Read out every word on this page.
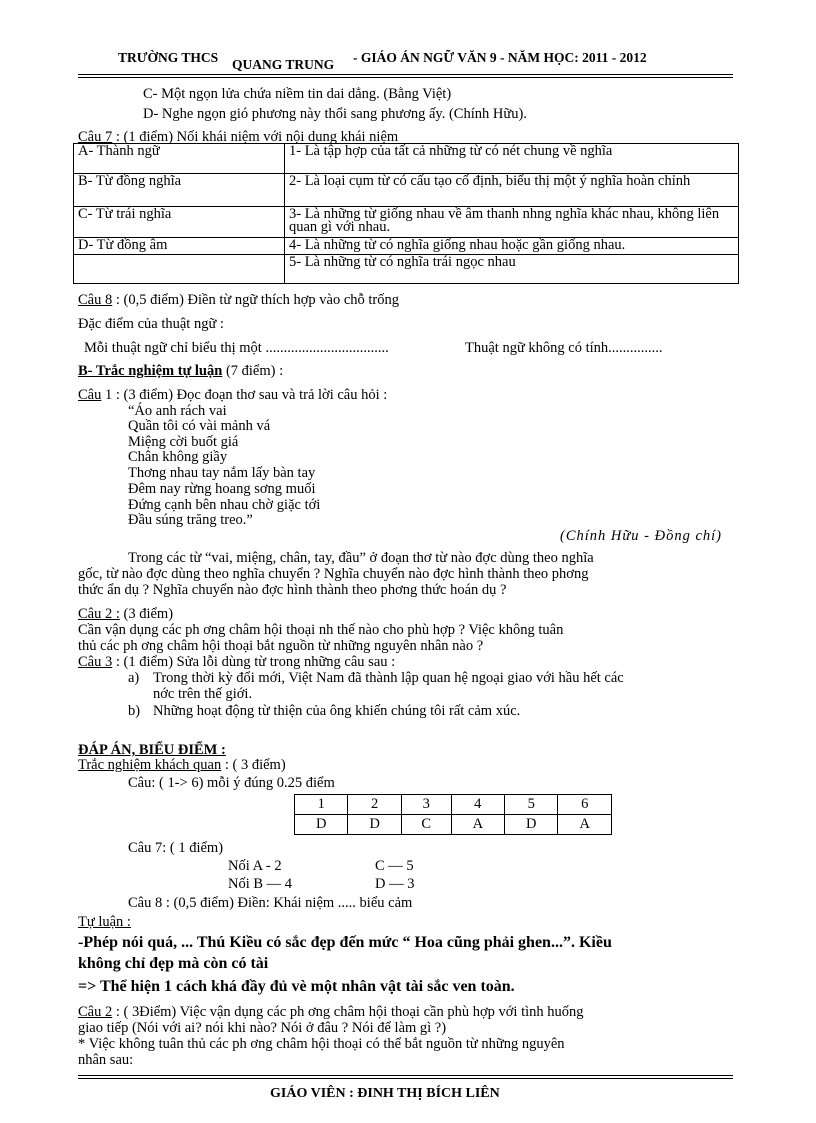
TRƯỜNG THCS QUANG TRUNG - GIÁO ÁN NGỮ VĂN 9 - NĂM HỌC: 2011 - 2012
C- Một ngọn lửa chứa niềm tin dai dẳng. (Bằng Việt)
D- Nghe ngọn gió phương này thổi sang phương ấy. (Chính Hữu).
Câu 7 : (1 điểm) Nối khái niệm với nội dung khái niệm
A- Thành ngữ	1- Là tập hợp của tất cả những từ có nét chung về nghĩa
B- Từ đồng nghĩa	2- Là loại cụm từ có cấu tạo cố định, biểu thị một ý nghĩa hoàn chỉnh
C- Từ trái nghĩa	3- Là những từ giống nhau về âm thanh nhng nghĩa khác nhau, không liên quan gì với nhau.
D- Từ đồng âm	4- Là những từ có nghĩa giống nhau hoặc gần giống nhau.
	5- Là những từ có nghĩa trái ngọc nhau
Câu 8 : (0,5 điểm) Điền từ ngữ thích hợp vào chỗ trống
Đặc điểm của thuật ngữ :
Mỗi thuật ngữ chỉ biểu thị một ..................................	Thuật ngữ không có tính...............
B- Trắc nghiệm tự luận (7 điểm) :
Câu 1 : (3 điểm) Đọc đoạn thơ sau và trả lời câu hỏi :
“Áo anh rách vai
Quần tôi có vài mảnh vá
Miệng cời buốt giá
Chân không giầy
Thơng nhau tay nắm lấy bàn tay
Đêm nay rừng hoang sơng muối
Đứng cạnh bên nhau chờ giặc tới
Đầu súng trăng treo.”
(Chính Hữu - Đồng chí)
Trong các từ “vai, miệng, chân, tay, đầu” ở đoạn thơ từ nào đợc dùng theo nghĩa
gốc, từ nào đợc dùng theo nghĩa chuyển ? Nghĩa chuyển nào đợc hình thành theo phơng
thức ẩn dụ ? Nghĩa chuyển nào đợc hình thành theo phơng thức hoán dụ ?
Câu 2 : (3 điểm)
Cần vận dụng các ph ơng châm hội thoại nh thế nào cho phù hợp ? Việc không tuân
thủ các ph ơng châm hội thoại bắt nguồn từ những nguyên nhân nào ?
Câu 3 : (1 điểm) Sửa lỗi dùng từ trong những câu sau :
a) Trong thời kỳ đổi mới, Việt Nam đã thành lập quan hệ ngoại giao với hầu hết các
nớc trên thế giới.
b) Những hoạt động từ thiện của ông khiến chúng tôi rất cảm xúc.
ĐÁP ÁN, BIỂU ĐIỂM :
Trắc nghiệm khách quan : ( 3 điểm)
Câu: ( 1-> 6) mỗi ý đúng 0.25 điểm
1	2	3	4	5	6
D	D	C	A	D	A
Câu 7: ( 1 điểm)
Nối A - 2	C — 5
Nối B — 4	D — 3
Câu 8 : (0,5 điểm) Điền: Khái niệm ..... biểu cảm
Tự luận :
-Phép nói quá, ... Thú Kiều có sắc đẹp đến mức “ Hoa cũng phải ghen...”. Kiều
không chỉ đẹp mà còn có tài
=> Thể hiện 1 cách khá đầy đủ vè một nhân vật tài sắc ven toàn.
Câu 2 : ( 3Điểm) Việc vận dụng các ph ơng châm hội thoại cần phù hợp với tình huống
giao tiếp (Nói với ai? nói khi nào? Nói ở đâu ? Nói để làm gì ?)
* Việc không tuân thủ các ph ơng châm hội thoại có thể bắt nguồn từ những nguyên
nhân sau:
GIÁO VIÊN : ĐINH THỊ BÍCH LIÊN
